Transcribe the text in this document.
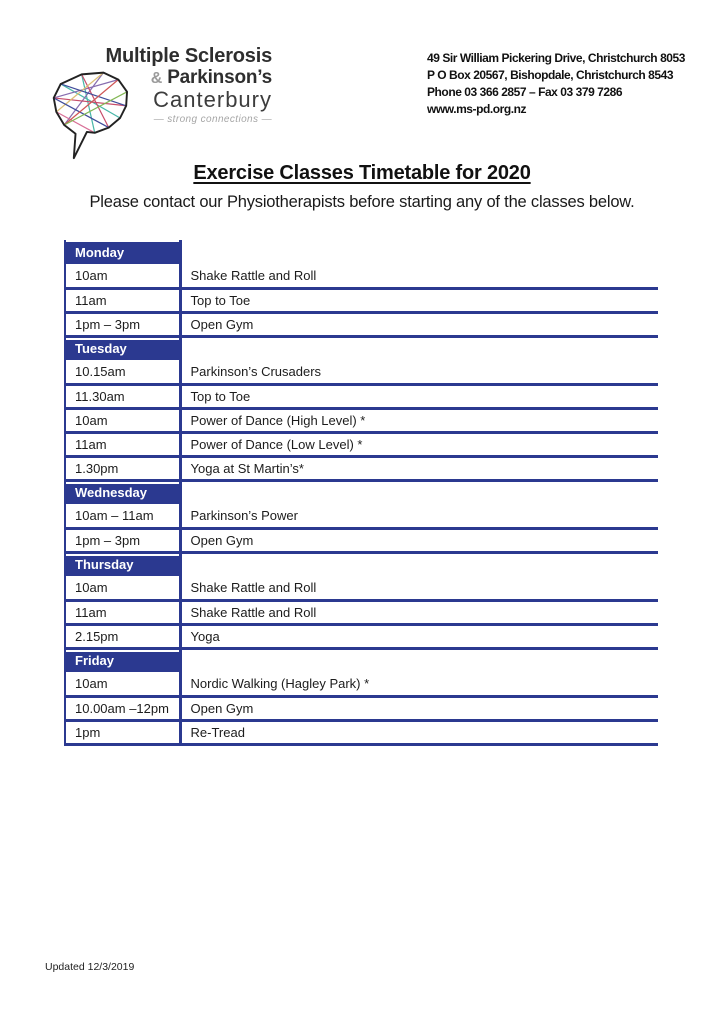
Multiple Sclerosis
& Parkinson’s
Canterbury
— strong connections —
49 Sir William Pickering Drive, Christchurch 8053
P O Box 20567, Bishopdale, Christchurch 8543
Phone 03 366 2857 – Fax 03 379 7286
www.ms-pd.org.nz
Exercise Classes Timetable for 2020
Please contact our Physiotherapists before starting any of the classes below.
Monday	
10am	Shake Rattle and Roll
11am	Top to Toe
1pm – 3pm	Open Gym
Tuesday	
10.15am	Parkinson’s Crusaders
11.30am	Top to Toe
10am	Power of Dance (High Level) *
11am	Power of Dance (Low Level) *
1.30pm	Yoga at St Martin’s*
Wednesday	
10am – 11am	Parkinson’s Power
1pm – 3pm	Open Gym
Thursday	
10am	Shake Rattle and Roll
11am	Shake Rattle and Roll
2.15pm	Yoga
Friday	
10am	Nordic Walking (Hagley Park) *
10.00am –12pm	Open Gym
1pm	Re-Tread
Updated 12/3/2019
